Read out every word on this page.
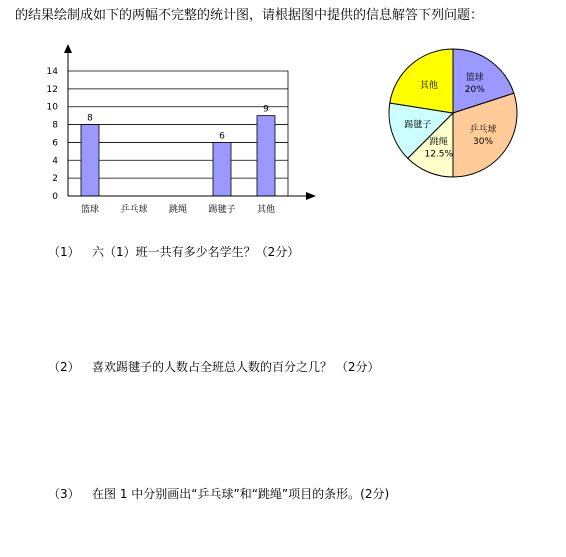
的结果绘制成如下的两幅不完整的统计图，请根据图中提供的信息解答下列问题：
0
2
4
6
8
10
12
14
8
6
9
篮球 乒乓球 跳绳 踢毽子 其他
篮球
20%
乒乓球
30%
跳绳
12.5%
踢毽子
其他
（1） 六（1）班一共有多少名学生？（2分）
（2） 喜欢踢毽子的人数占全班总人数的百分之几？ （2分）
（3） 在图 1 中分别画出“乒乓球”和“跳绳”项目的条形。(2分)
